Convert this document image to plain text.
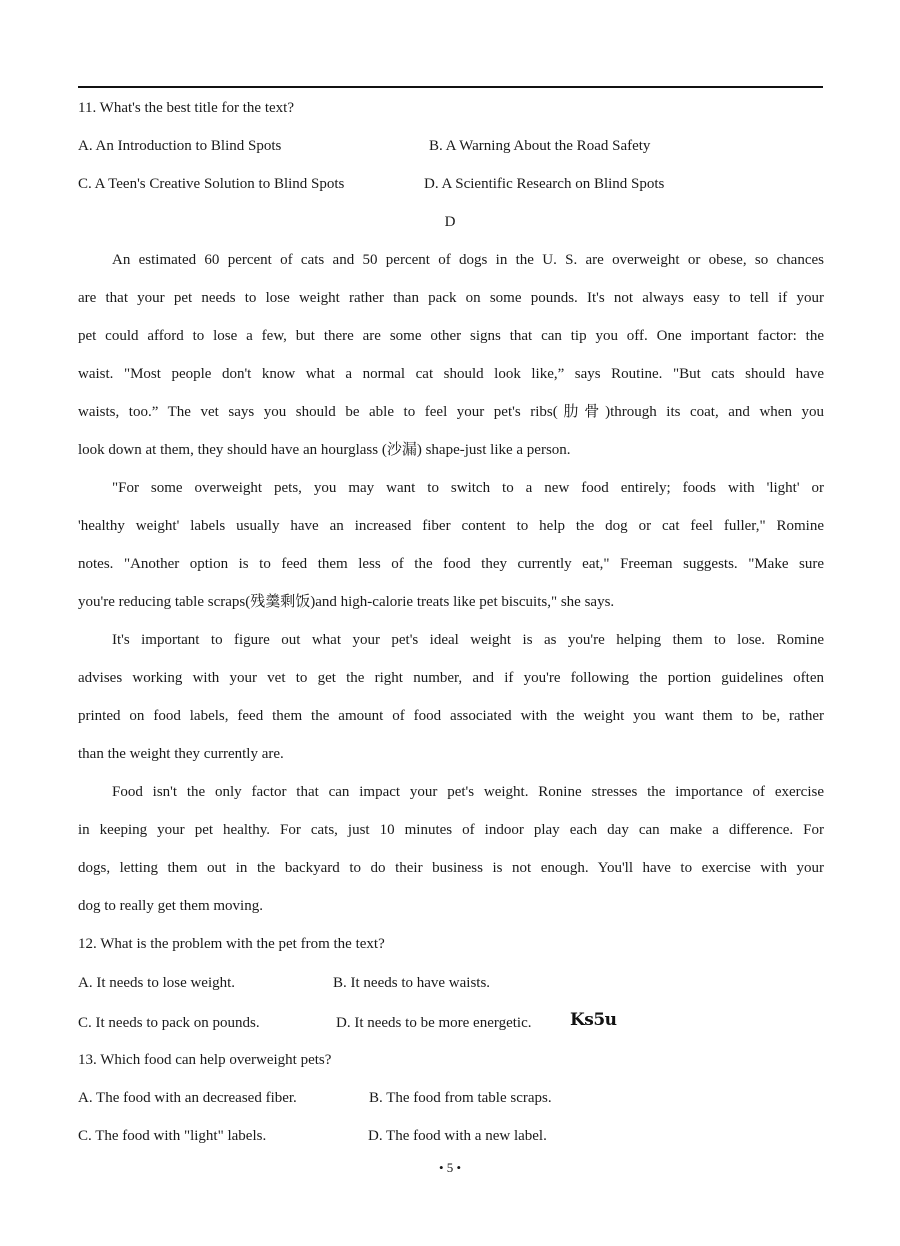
11. What's the best title for the text?
A. An Introduction to Blind Spots	B. A Warning About the Road Safety
C. A Teen's Creative Solution to Blind Spots	D. A Scientific Research on Blind Spots
D
An estimated 60 percent of cats and 50 percent of dogs in the U. S. are overweight or obese, so chances
are that your pet needs to lose weight rather than pack on some pounds. It's not always easy to tell if your
pet could afford to lose a few, but there are some other signs that can tip you off. One important factor: the
waist. "Most people don't know what a normal cat should look like,” says Routine. "But cats should have
waists, too.” The vet says you should be able to feel your pet's ribs(肋骨)through its coat, and when you
look down at them, they should have an hourglass (沙漏) shape-just like a person.
"For some overweight pets, you may want to switch to a new food entirely; foods with 'light' or
'healthy weight' labels usually have an increased fiber content to help the dog or cat feel fuller," Romine
notes. "Another option is to feed them less of the food they currently eat," Freeman suggests. "Make sure
you're reducing table scraps(残羹剩饭)and high-calorie treats like pet biscuits," she says.
It's important to figure out what your pet's ideal weight is as you're helping them to lose. Romine
advises working with your vet to get the right number, and if you're following the portion guidelines often
printed on food labels, feed them the amount of food associated with the weight you want them to be, rather
than the weight they currently are.
Food isn't the only factor that can impact your pet's weight. Ronine stresses the importance of exercise
in keeping your pet healthy. For cats, just 10 minutes of indoor play each day can make a difference. For
dogs, letting them out in the backyard to do their business is not enough. You'll have to exercise with your
dog to really get them moving.
12. What is the problem with the pet from the text?
A. It needs to lose weight.	B. It needs to have waists.
C. It needs to pack on pounds.	D. It needs to be more energetic. Ks5u
13. Which food can help overweight pets?
A. The food with an decreased fiber.	B. The food from table scraps.
C. The food with "light" labels.	D. The food with a new label.
• 5 •
